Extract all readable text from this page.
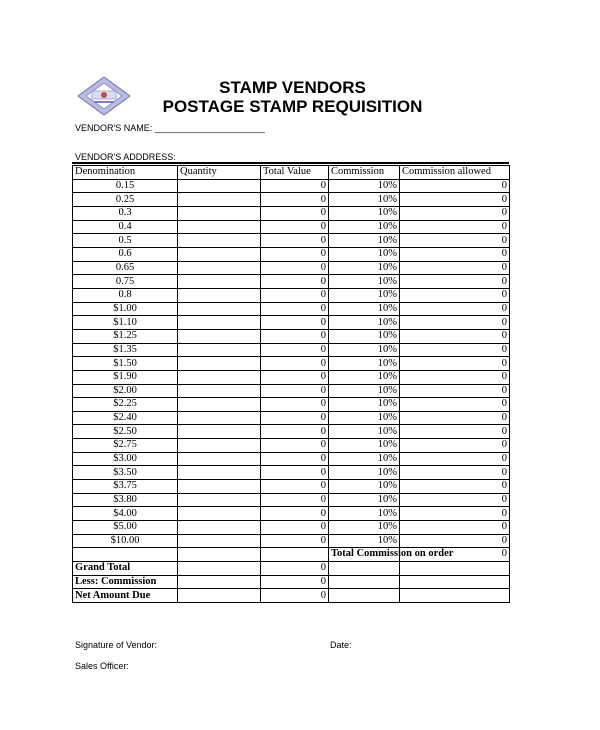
STAMP VENDORS
POSTAGE STAMP REQUISITION
VENDOR'S NAME: ______________________
VENDOR'S ADDDRESS:
Denomination	Quantity	Total Value	Commission	Commission allowed
0.15		0	10%	0
0.25		0	10%	0
0.3		0	10%	0
0.4		0	10%	0
0.5		0	10%	0
0.6		0	10%	0
0.65		0	10%	0
0.75		0	10%	0
0.8		0	10%	0
$1.00		0	10%	0
$1.10		0	10%	0
$1.25		0	10%	0
$1.35		0	10%	0
$1.50		0	10%	0
$1.90		0	10%	0
$2.00		0	10%	0
$2.25		0	10%	0
$2.40		0	10%	0
$2.50		0	10%	0
$2.75		0	10%	0
$3.00		0	10%	0
$3.50		0	10%	0
$3.75		0	10%	0
$3.80		0	10%	0
$4.00		0	10%	0
$5.00		0	10%	0
$10.00		0	10%	0
			Total Commission on order	0
Grand Total		0		
Less: Commission		0		
Net Amount Due		0		
Signature of Vendor:	Date:
Sales Officer:
